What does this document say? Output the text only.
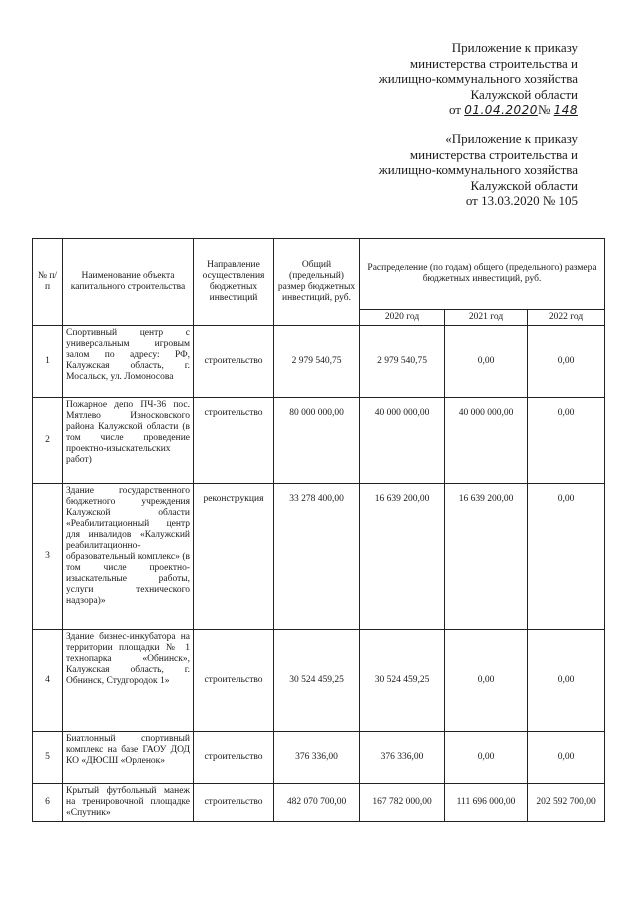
Приложение к приказу
министерства строительства и
жилищно-коммунального хозяйства
Калужской области
от 01.04.2020№ 148
«Приложение к приказу
министерства строительства и
жилищно-коммунального хозяйства
Калужской области
от 13.03.2020 № 105
№ п/п	Наименование объекта капитального строительства	Направление осуществления бюджетных инвестиций	Общий (предельный) размер бюджетных инвестиций, руб.	Распределение (по годам) общего (предельного) размера бюджетных инвестиций, руб.		
				2020 год	2021 год	2022 год
1	Спортивный центр с универсальным игровым залом по адресу: РФ, Калужская область, г. Мосальск, ул. Ломоносова	строительство	2 979 540,75	2 979 540,75	0,00	0,00
2	Пожарное депо ПЧ-36 пос. Мятлево Износковского района Калужской области (в том числе проведение проектно-изыскательских работ)	строительство	80 000 000,00	40 000 000,00	40 000 000,00	0,00
3	Здание государственного бюджетного учреждения Калужской области «Реабилитационный центр для инвалидов «Калужский реабилитационно-образовательный комплекс» (в том числе проектно-изыскательные работы, услуги технического надзора)»	реконструкция	33 278 400,00	16 639 200,00	16 639 200,00	0,00
4	Здание бизнес-инкубатора на территории площадки № 1 технопарка «Обнинск», Калужская область, г. Обнинск, Студгородок 1»	строительство	30 524 459,25	30 524 459,25	0,00	0,00
5	Биатлонный спортивный комплекс на базе ГАОУ ДОД КО «ДЮСШ «Орленок»	строительство	376 336,00	376 336,00	0,00	0,00
6	Крытый футбольный манеж на тренировочной площадке «Спутник»	строительство	482 070 700,00	167 782 000,00	111 696 000,00	202 592 700,00
